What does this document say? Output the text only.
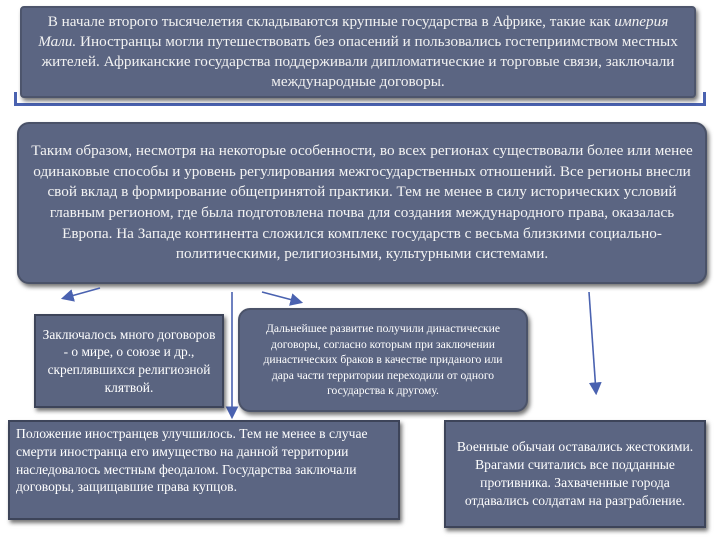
В начале второго тысячелетия складываются крупные государства в Африке, такие как империя Мали. Иностранцы могли путешествовать без опасений и пользовались гостеприимством местных жителей. Африканские государства поддерживали дипломатические и торговые связи, заключали международные договоры.
Таким образом, несмотря на некоторые особенности, во всех регионах существовали более или менее одинаковые способы и уровень регулирования межгосударственных отношений. Все регионы внесли свой вклад в формирование общепринятой практики. Тем не менее в силу исторических условий главным регионом, где была подготовлена почва для создания международного права, оказалась Европа. На Западе континента сложился комплекс государств с весьма близкими социально-политическими, религиозными, культурными системами.
Заключалось много договоров - о мире, о союзе и др., скреплявшихся религиозной клятвой.
Дальнейшее развитие получили династические договоры, согласно которым при заключении династических браков в качестве приданого или дара части территории переходили от одного государства к другому.
Положение иностранцев улучшилось. Тем не менее в случае смерти иностранца его имущество на данной территории наследовалось местным феодалом. Государства заключали договоры, защищавшие права купцов.
Военные обычаи оставались жестокими. Врагами считались все подданные противника. Захваченные города отдавались солдатам на разграбление.
